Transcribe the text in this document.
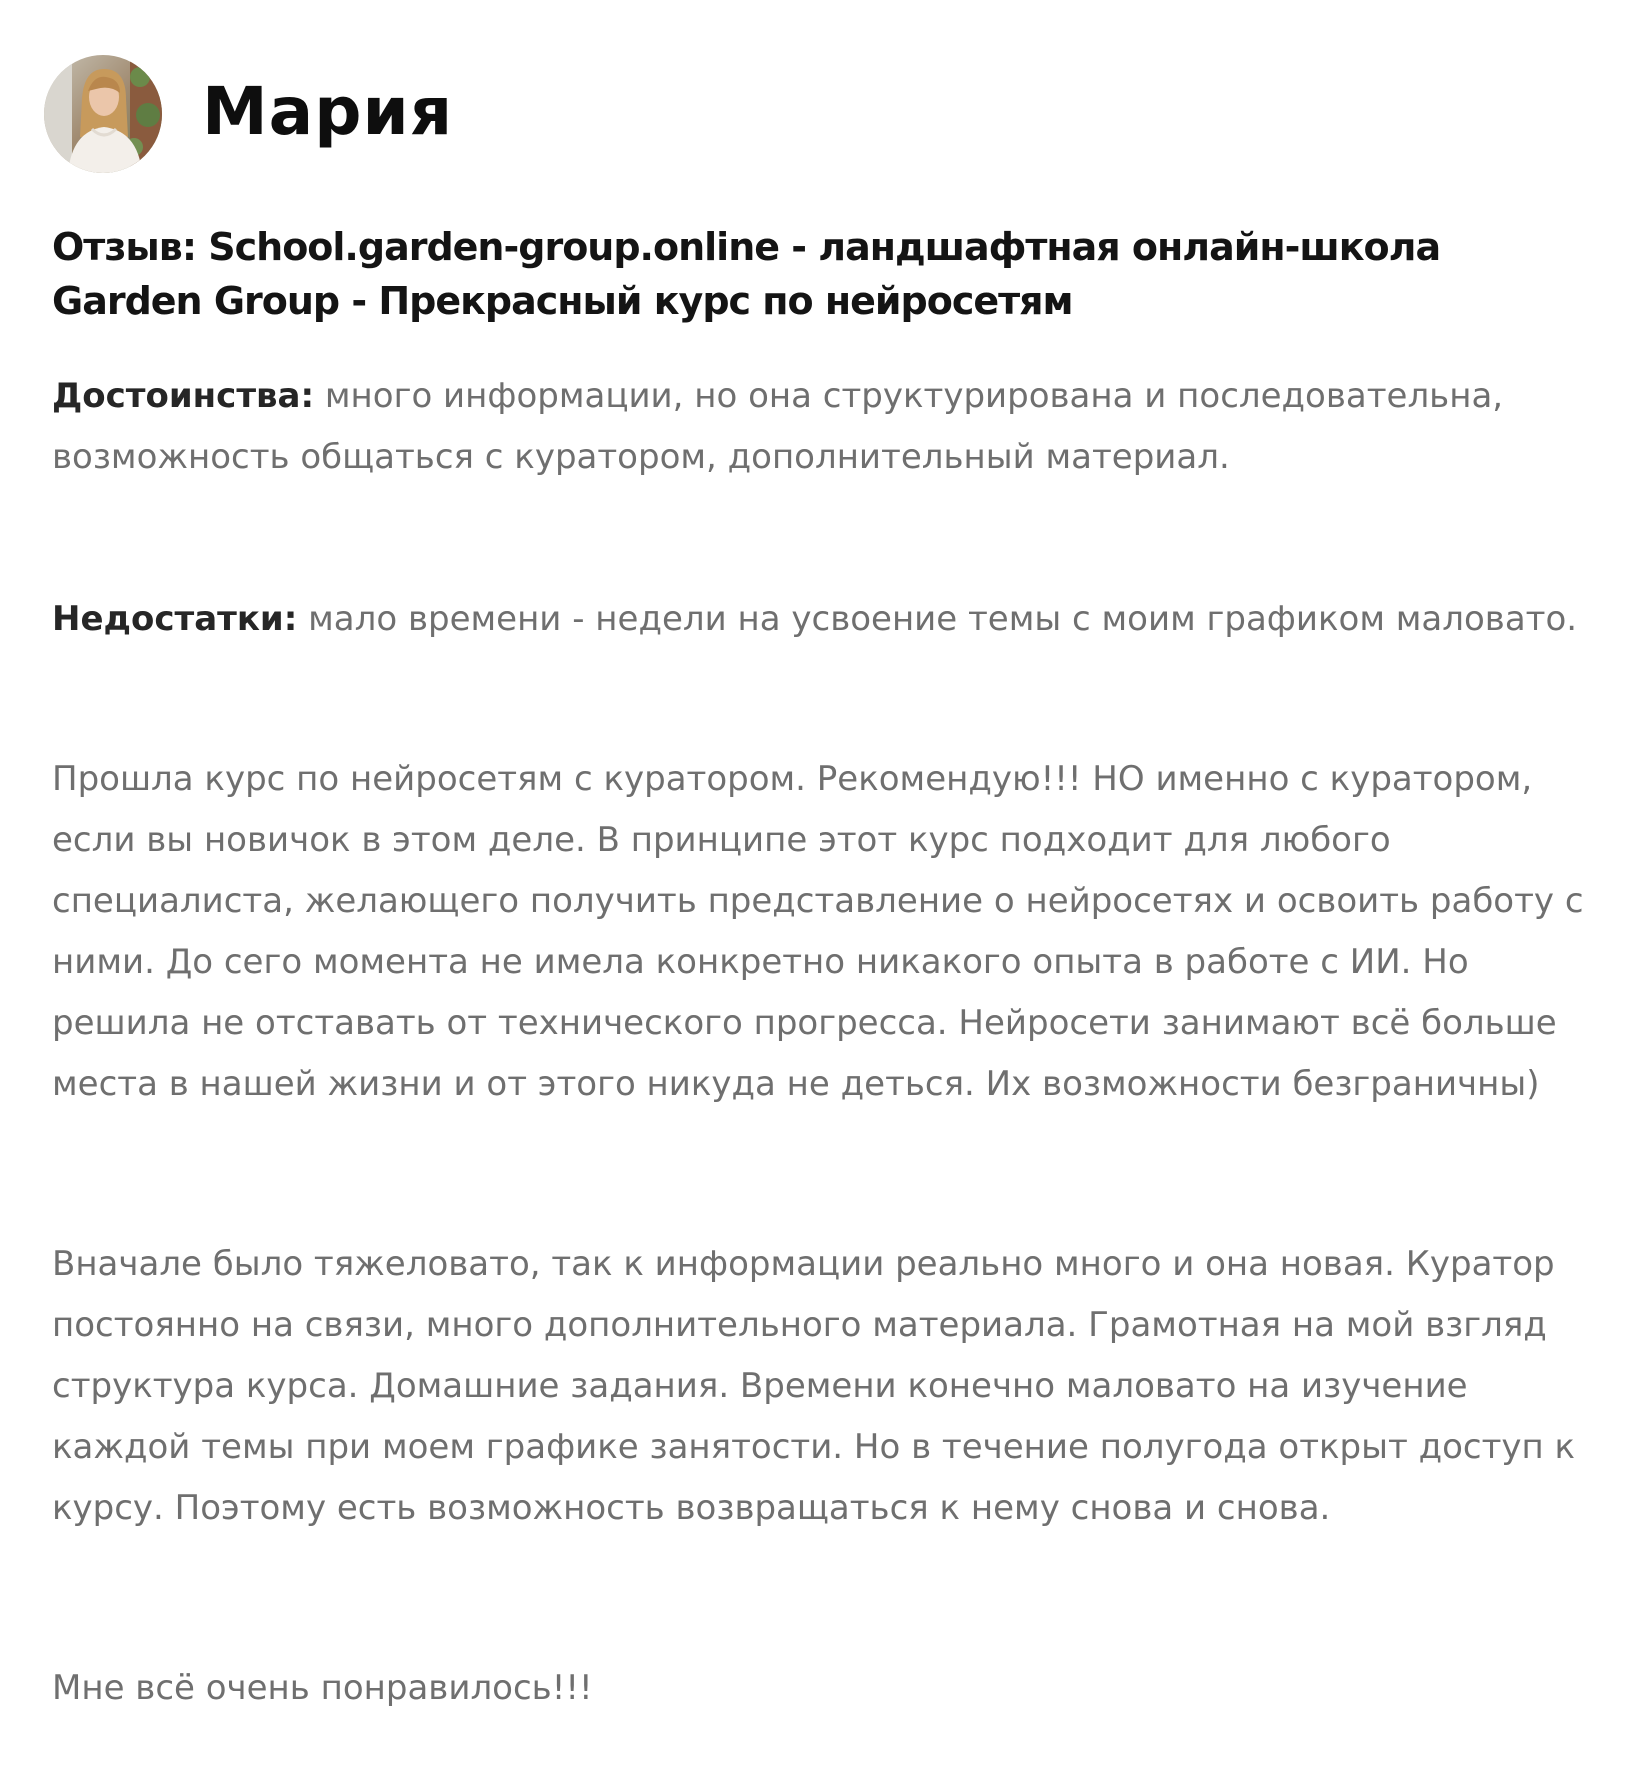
Мария
Отзыв: School.garden-group.online - ландшафтная онлайн-школа Garden Group - Прекрасный курс по нейросетям

Достоинства: много информации, но она структурирована и последовательна, возможность общаться с куратором, дополнительный материал.

Недостатки: мало времени - недели на усвоение темы с моим графиком маловато.

Прошла курс по нейросетям с куратором. Рекомендую!!! НО именно с куратором, если вы новичок в этом деле. В принципе этот курс подходит для любого специалиста, желающего получить представление о нейросетях и освоить работу с ними. До сего момента не имела конкретно никакого опыта в работе с ИИ. Но решила не отставать от технического прогресса. Нейросети занимают всё больше места в нашей жизни и от этого никуда не деться. Их возможности безграничны)

Вначале было тяжеловато, так к информации реально много и она новая. Куратор постоянно на связи, много дополнительного материала. Грамотная на мой взгляд структура курса. Домашние задания. Времени конечно маловато на изучение каждой темы при моем графике занятости. Но в течение полугода открыт доступ к курсу. Поэтому есть возможность возвращаться к нему снова и снова.

Мне всё очень понравилось!!!
